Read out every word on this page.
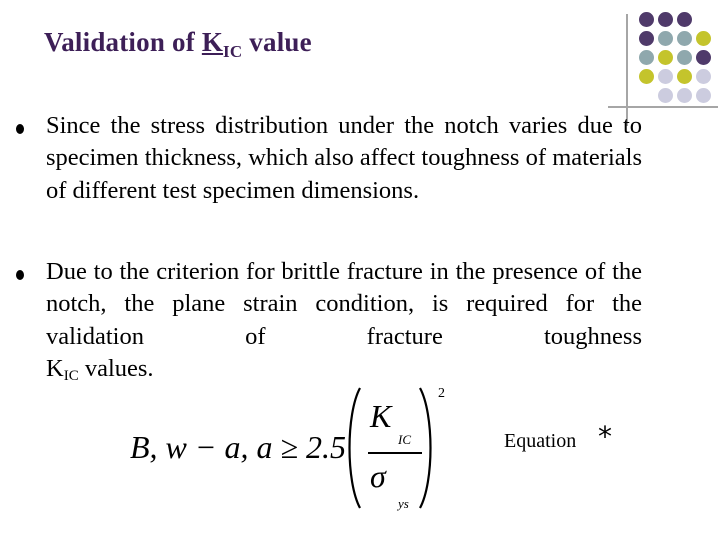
Validation of $K_{IC}$ value
Since the stress distribution under the notch varies due to specimen thickness, which also affect toughness of materials of different test specimen dimensions.
Due to the criterion for brittle fracture in the presence of the notch, the plane strain condition, is required for the validation of fracture toughness
$K_{IC}$ values.
B, w − a, a ≥ 2.5
K
IC
σ
ys
2
Equation *
